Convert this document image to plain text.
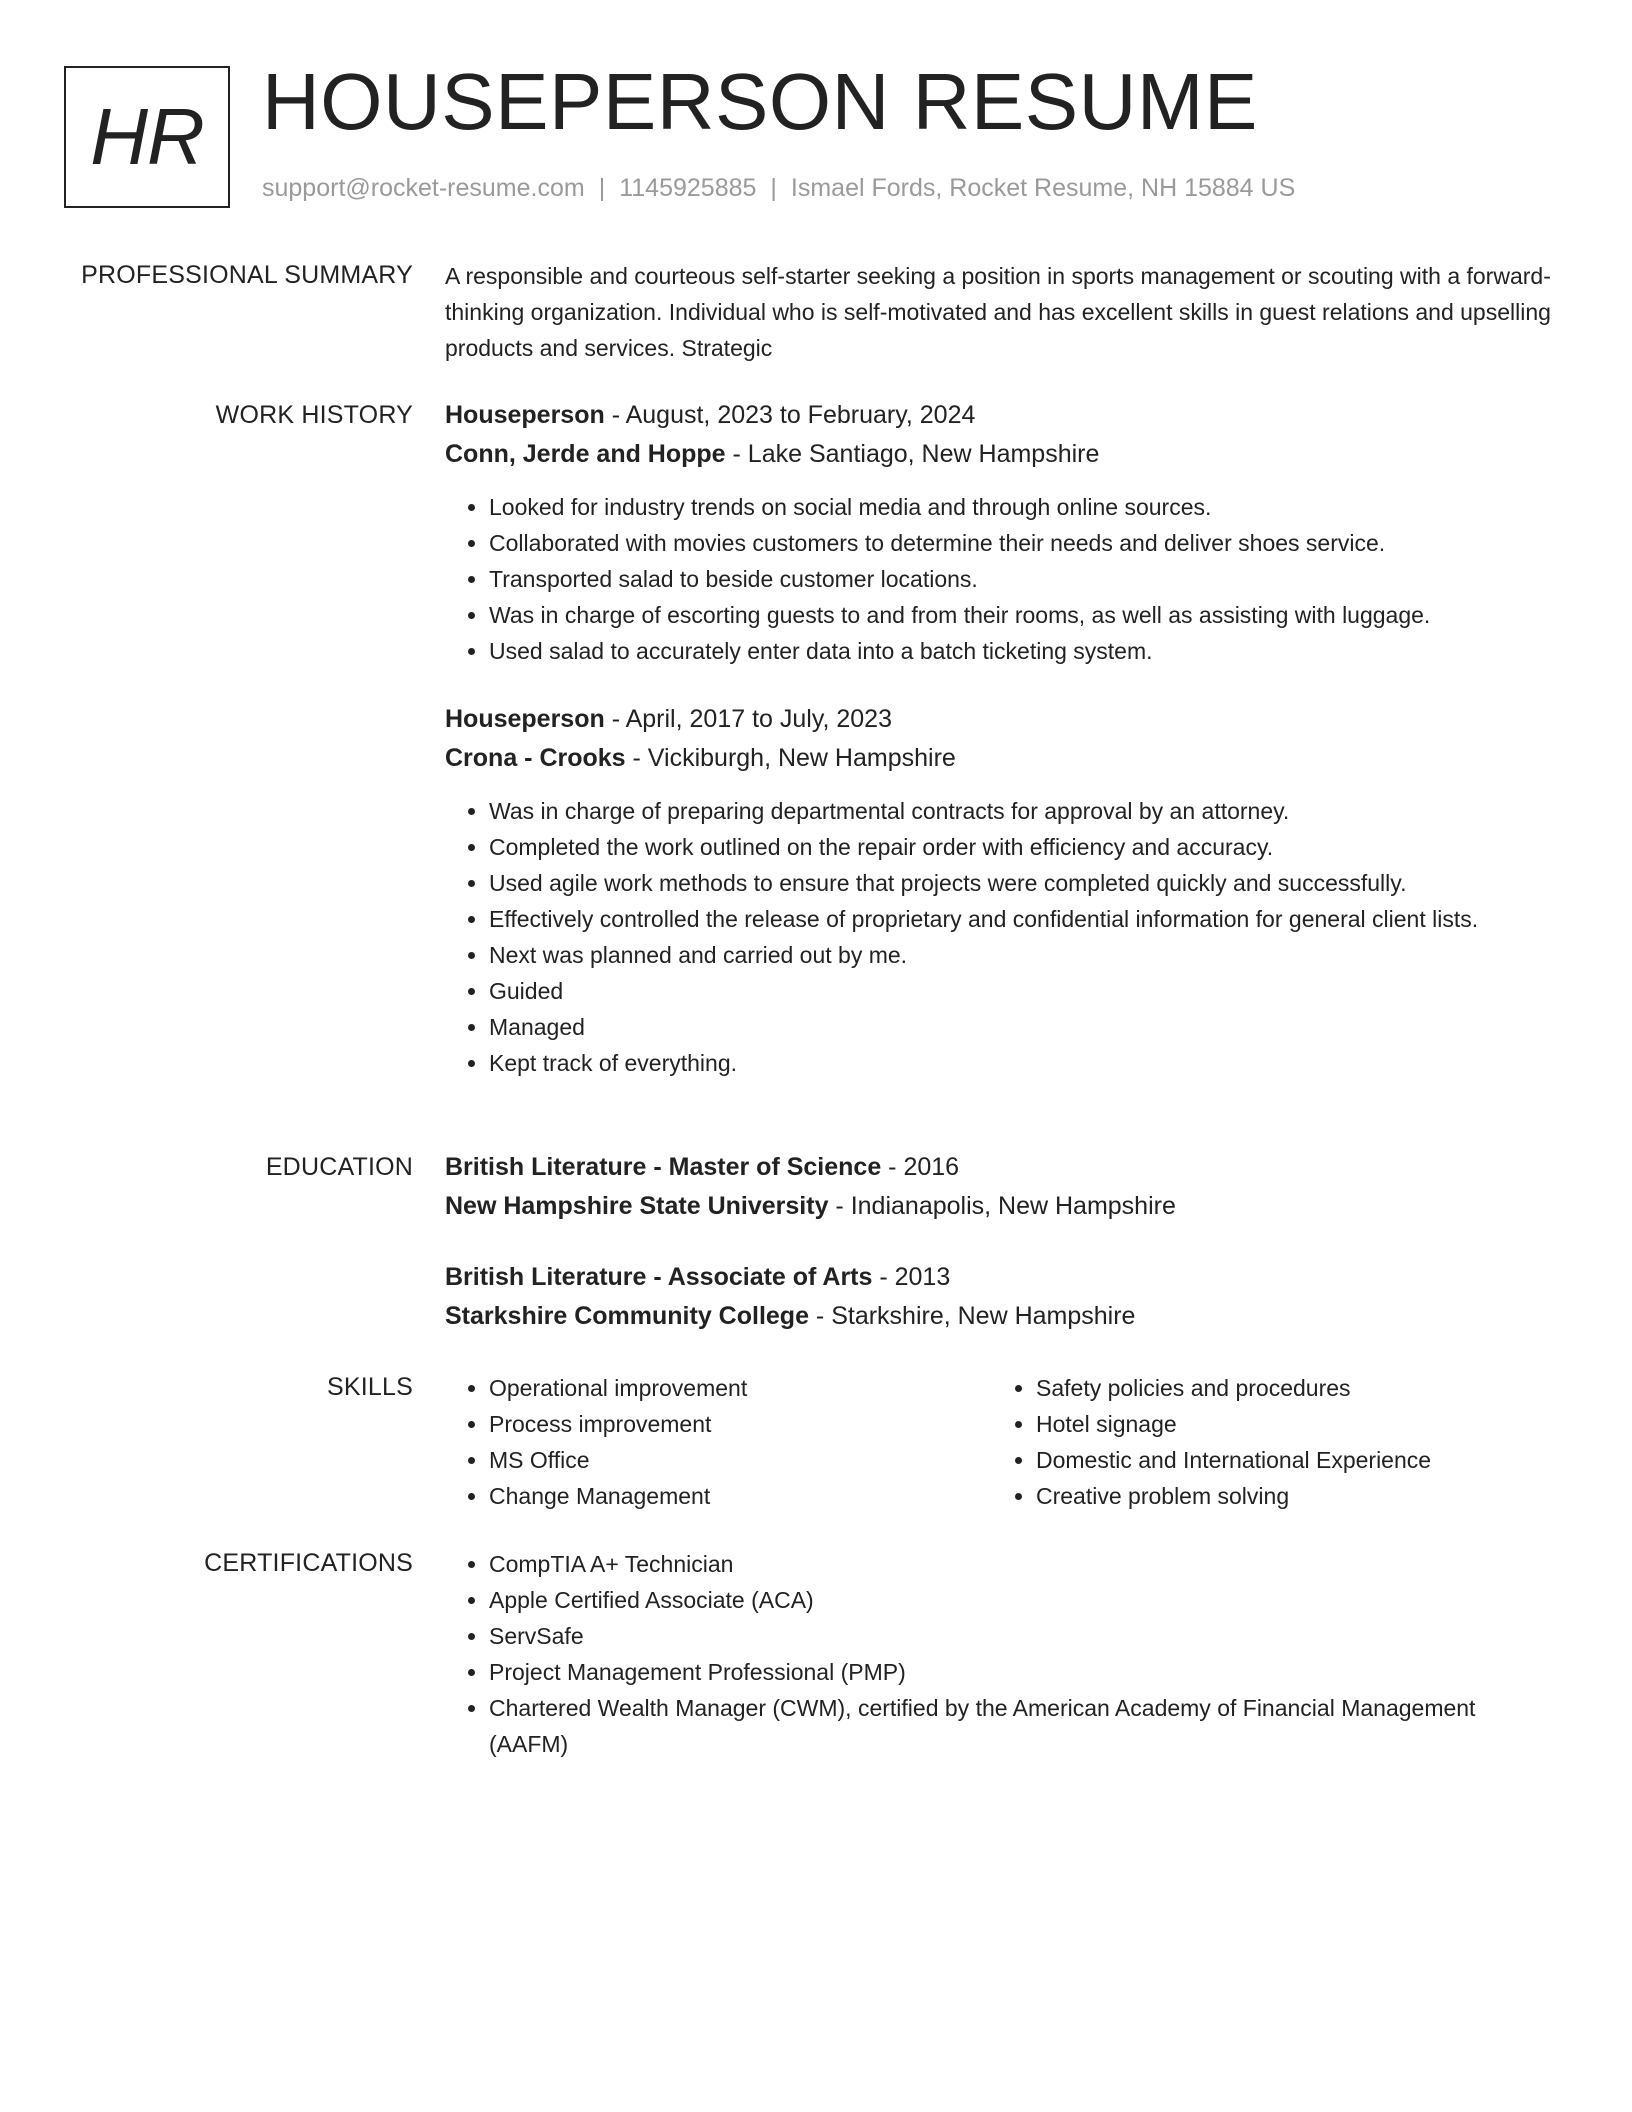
HR HOUSEPERSON RESUME
support@rocket-resume.com | 1145925885 | Ismael Fords, Rocket Resume, NH 15884 US
PROFESSIONAL SUMMARY A responsible and courteous self-starter seeking a position in sports management or scouting with a forward-thinking organization. Individual who is self-motivated and has excellent skills in guest relations and upselling products and services. Strategic

WORK HISTORY Houseperson - August, 2023 to February, 2024

Conn, Jerde and Hoppe - Lake Santiago, New Hampshire

• Looked for industry trends on social media and through online sources.
• Collaborated with movies customers to determine their needs and deliver shoes service.
• Transported salad to beside customer locations.
• Was in charge of escorting guests to and from their rooms, as well as assisting with luggage.
• Used salad to accurately enter data into a batch ticketing system.

Houseperson - April, 2017 to July, 2023

Crona - Crooks - Vickiburgh, New Hampshire

• Was in charge of preparing departmental contracts for approval by an attorney.
• Completed the work outlined on the repair order with efficiency and accuracy.
• Used agile work methods to ensure that projects were completed quickly and successfully.
• Effectively controlled the release of proprietary and confidential information for general client lists.
• Next was planned and carried out by me.
• Guided
• Managed
• Kept track of everything.
EDUCATION British Literature - Master of Science - 2016

New Hampshire State University - Indianapolis, New Hampshire

British Literature - Associate of Arts - 2013

Starkshire Community College - Starkshire, New Hampshire

SKILLS	• Operational improvement
• Process improvement
• MS Office
• Change Management
• Safety policies and procedures
• Hotel signage
• Domestic and International Experience
• Creative problem solving
CERTIFICATIONS	• CompTIA A+ Technician
• Apple Certified Associate (ACA)
• ServSafe
• Project Management Professional (PMP)
• Chartered Wealth Manager (CWM), certified by the American Academy of Financial Management (AAFM)
